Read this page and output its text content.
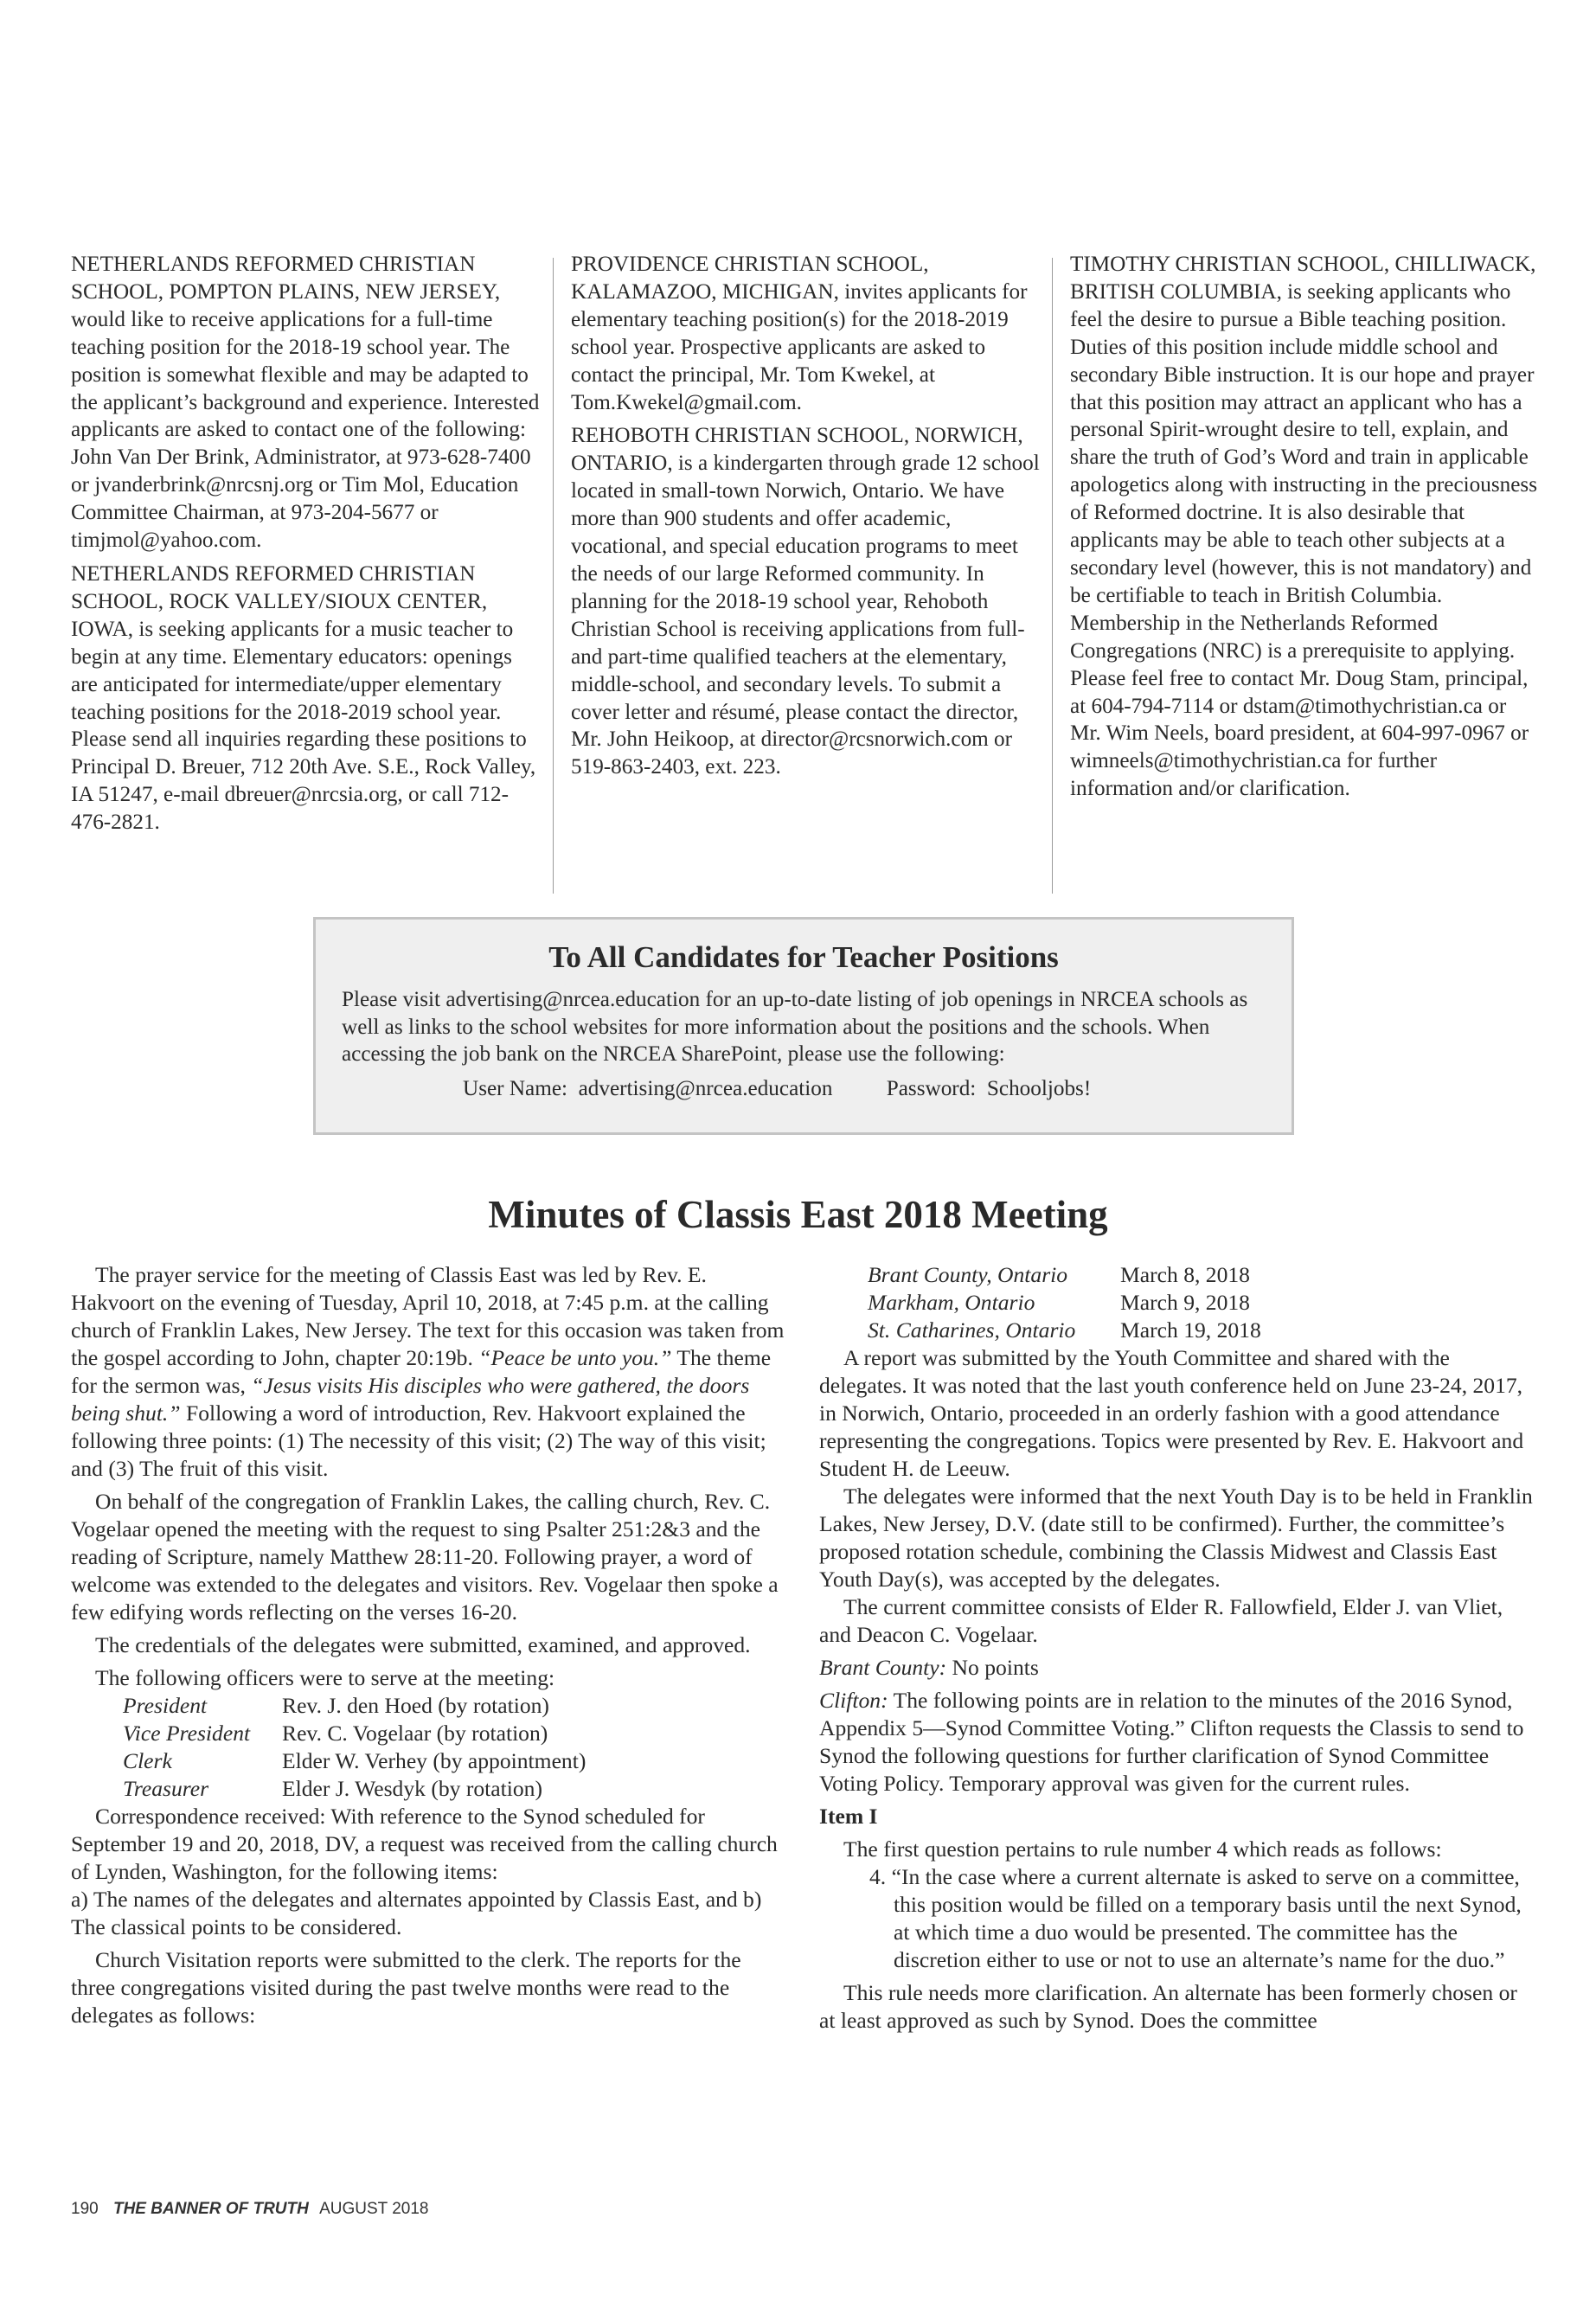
NETHERLANDS REFORMED CHRISTIAN SCHOOL, POMPTON PLAINS, NEW JERSEY, would like to receive applications for a full-time teaching position for the 2018-19 school year. The position is somewhat flexible and may be adapted to the applicant’s background and experience. Interested applicants are asked to contact one of the following: John Van Der Brink, Administrator, at 973-628-7400 or jvanderbrink@nrcsnj.org or Tim Mol, Education Committee Chairman, at 973-204-5677 or timjmol@yahoo.com.

NETHERLANDS REFORMED CHRISTIAN SCHOOL, ROCK VALLEY/SIOUX CENTER, IOWA, is seeking applicants for a music teacher to begin at any time. Elementary educators: openings are anticipated for intermediate/upper elementary teaching positions for the 2018-2019 school year. Please send all inquiries regarding these positions to Principal D. Breuer, 712 20th Ave. S.E., Rock Valley, IA 51247, e-mail dbreuer@nrcsia.org, or call 712-476-2821.

PROVIDENCE CHRISTIAN SCHOOL, KALAMAZOO, MICHIGAN, invites applicants for elementary teaching position(s) for the 2018-2019 school year. Prospective applicants are asked to contact the principal, Mr. Tom Kwekel, at Tom.Kwekel@gmail.com.

REHOBOTH CHRISTIAN SCHOOL, NORWICH, ONTARIO, is a kindergarten through grade 12 school located in small-town Norwich, Ontario. We have more than 900 students and offer academic, vocational, and special education programs to meet the needs of our large Reformed community. In planning for the 2018-19 school year, Rehoboth Christian School is receiving applications from full- and part-time qualified teachers at the elementary, middle-school, and secondary levels. To submit a cover letter and résumé, please contact the director, Mr. John Heikoop, at director@rcsnorwich.com or 519-863-2403, ext. 223.

TIMOTHY CHRISTIAN SCHOOL, CHILLIWACK, BRITISH COLUMBIA, is seeking applicants who feel the desire to pursue a Bible teaching position. Duties of this position include middle school and secondary Bible instruction. It is our hope and prayer that this position may attract an applicant who has a personal Spirit-wrought desire to tell, explain, and share the truth of God’s Word and train in applicable apologetics along with instructing in the preciousness of Reformed doctrine. It is also desirable that applicants may be able to teach other subjects at a secondary level (however, this is not mandatory) and be certifiable to teach in British Columbia. Membership in the Netherlands Reformed Congregations (NRC) is a prerequisite to applying. Please feel free to contact Mr. Doug Stam, principal, at 604-794-7114 or dstam@timothychristian.ca or Mr. Wim Neels, board president, at 604-997-0967 or wimneels@timothychristian.ca for further information and/or clarification.

To All Candidates for Teacher Positions
Please visit advertising@nrcea.education for an up-to-date listing of job openings in NRCEA schools as well as links to the school websites for more information about the positions and the schools. When accessing the job bank on the NRCEA SharePoint, please use the following:
User Name: advertising@nrcea.education Password: Schooljobs!
Minutes of Classis East 2018 Meeting

The prayer service for the meeting of Classis East was led by Rev. E. Hakvoort on the evening of Tuesday, April 10, 2018, at 7:45 p.m. at the calling church of Franklin Lakes, New Jersey. The text for this occasion was taken from the gospel according to John, chapter 20:19b. “Peace be unto you.” The theme for the sermon was, “Jesus visits His disciples who were gathered, the doors being shut.” Following a word of introduction, Rev. Hakvoort explained the following three points: (1) The necessity of this visit; (2) The way of this visit; and (3) The fruit of this visit.

On behalf of the congregation of Franklin Lakes, the calling church, Rev. C. Vogelaar opened the meeting with the request to sing Psalter 251:2&3 and the reading of Scripture, namely Matthew 28:11-20. Following prayer, a word of welcome was extended to the delegates and visitors. Rev. Vogelaar then spoke a few edifying words reflecting on the verses 16-20.

The credentials of the delegates were submitted, examined, and approved.

The following officers were to serve at the meeting:

President	Rev. J. den Hoed (by rotation)
Vice President	Rev. C. Vogelaar (by rotation)
Clerk	Elder W. Verhey (by appointment)
Treasurer	Elder J. Wesdyk (by rotation)

Correspondence received: With reference to the Synod scheduled for September 19 and 20, 2018, DV, a request was received from the calling church of Lynden, Washington, for the following items:

a) The names of the delegates and alternates appointed by Classis East, and b) The classical points to be considered.

Church Visitation reports were submitted to the clerk. The reports for the three congregations visited during the past twelve months were read to the delegates as follows:

Brant County, Ontario	March 8, 2018
Markham, Ontario	March 9, 2018
St. Catharines, Ontario	March 19, 2018

A report was submitted by the Youth Committee and shared with the delegates. It was noted that the last youth conference held on June 23-24, 2017, in Norwich, Ontario, proceeded in an orderly fashion with a good attendance representing the congregations. Topics were presented by Rev. E. Hakvoort and Student H. de Leeuw.

The delegates were informed that the next Youth Day is to be held in Franklin Lakes, New Jersey, D.V. (date still to be confirmed). Further, the committee’s proposed rotation schedule, combining the Classis Midwest and Classis East Youth Day(s), was accepted by the delegates.

The current committee consists of Elder R. Fallowfield, Elder J. van Vliet, and Deacon C. Vogelaar.

Brant County: No points

Clifton: The following points are in relation to the minutes of the 2016 Synod, Appendix 5—Synod Committee Voting.” Clifton requests the Classis to send to Synod the following questions for further clarification of Synod Committee Voting Policy. Temporary approval was given for the current rules.

Item I

The first question pertains to rule number 4 which reads as follows:

4. “In the case where a current alternate is asked to serve on a committee, this position would be filled on a temporary basis until the next Synod, at which time a duo would be presented. The committee has the discretion either to use or not to use an alternate’s name for the duo.”

This rule needs more clarification. An alternate has been formerly chosen or at least approved as such by Synod. Does the committee

190 THE BANNER OF TRUTH AUGUST 2018
